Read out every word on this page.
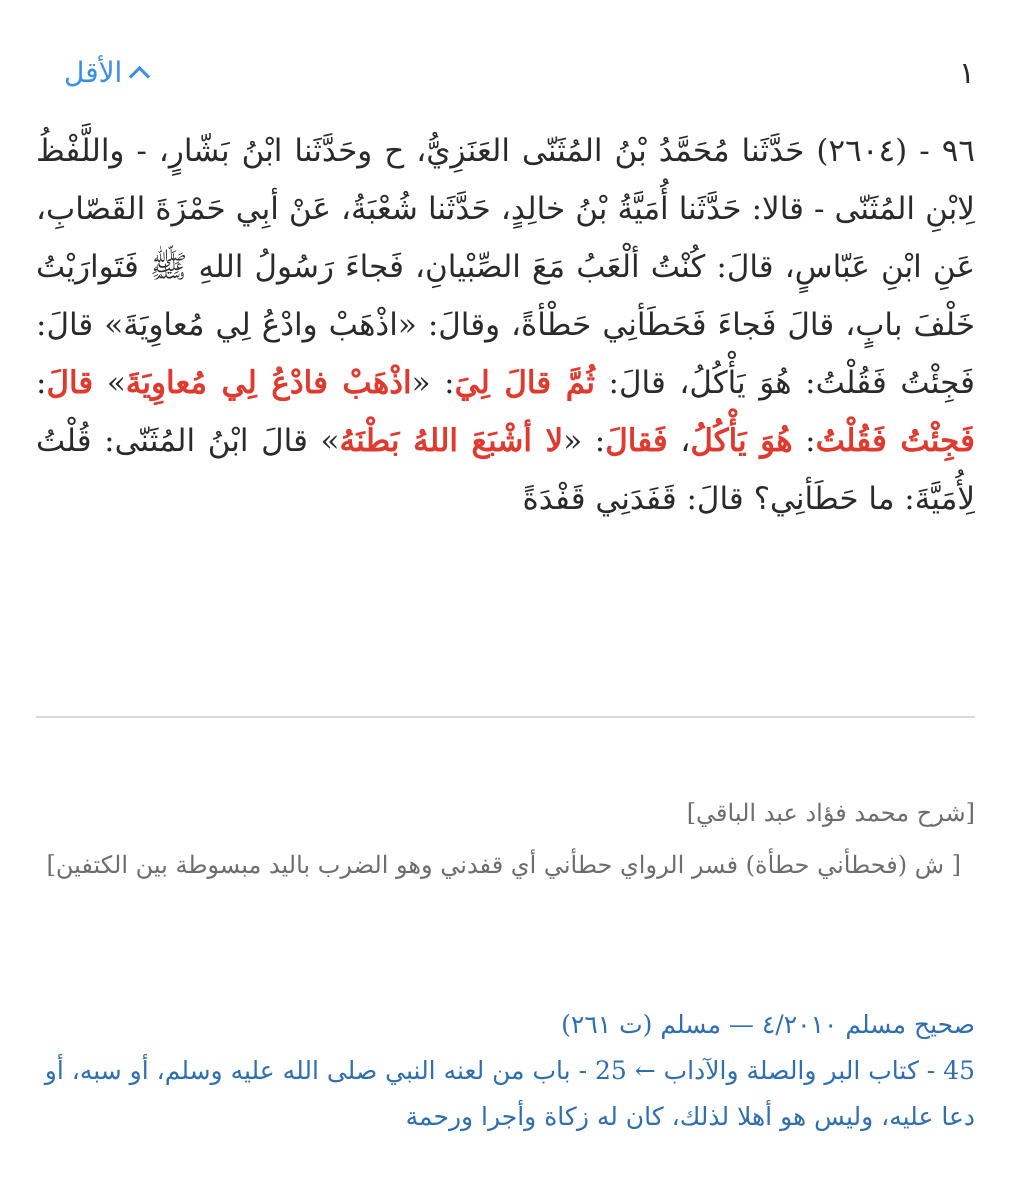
الأقل	١
٩٦ - (٢٦٠٤) حَدَّثَنا مُحَمَّدُ بْنُ المُثَنّى العَنَزِيُّ، ح وحَدَّثَنا ابْنُ بَشّارٍ، - واللَّفْظُ لِابْنِ المُثَنّى - قالا: حَدَّثَنا أُمَيَّةُ بْنُ خالِدٍ، حَدَّثَنا شُعْبَةُ، عَنْ أبِي حَمْزَةَ القَصّابِ، عَنِ ابْنِ عَبّاسٍ، قالَ: كُنْتُ ألْعَبُ مَعَ الصِّبْيانِ، فَجاءَ رَسُولُ اللهِ ﷺ فَتَوارَيْتُ خَلْفَ بابٍ، قالَ فَجاءَ فَحَطَأنِي حَطْأةً، وقالَ: «اذْهَبْ وادْعُ لِي مُعاوِيَةَ» قالَ: فَجِئْتُ فَقُلْتُ: هُوَ يَأْكُلُ، قالَ: ثُمَّ قالَ لِيَ: «اذْهَبْ فادْعُ لِي مُعاوِيَةَ» قالَ: فَجِئْتُ فَقُلْتُ: هُوَ يَأْكُلُ، فَقالَ: «لا أشْبَعَ اللهُ بَطْنَهُ» قالَ ابْنُ المُثَنّى: قُلْتُ لِأُمَيَّةَ: ما حَطَأنِي؟ قالَ: قَفَدَنِي قَفْدَةً
[شرح محمد فؤاد عبد الباقي]
[ ش (فحطأني حطأة) فسر الرواي حطأني أي قفدني وهو الضرب باليد مبسوطة بين الكتفين]
صحيح مسلم ٤/٢٠١٠ — مسلم (ت ٢٦١)
45 - كتاب البر والصلة والآداب ← 25 - باب من لعنه النبي صلى الله عليه وسلم، أو سبه، أو دعا عليه، وليس هو أهلا لذلك، كان له زكاة وأجرا ورحمة
